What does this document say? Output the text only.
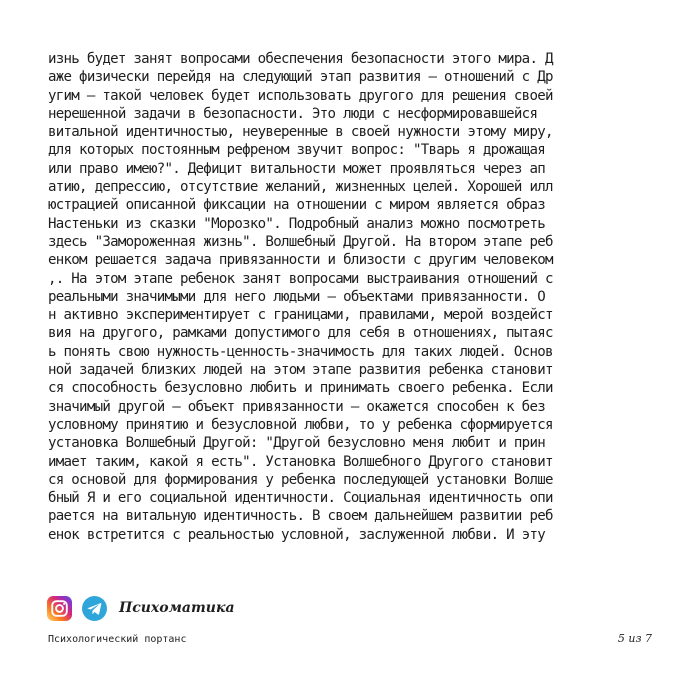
изнь будет занят вопросами обеспечения безопасности этого мира. Д
аже физически перейдя на следующий этап развития – отношений с Др
угим – такой человек будет использовать другого для решения своей
нерешенной задачи в безопасности. Это люди с несформировавшейся
витальной идентичностью, неуверенные в своей нужности этому миру,
для которых постоянным рефреном звучит вопрос: "Тварь я дрожащая
или право имею?". Дефицит витальности может проявляться через ап
атию, депрессию, отсутствие желаний, жизненных целей. Хорошей илл
юстрацией описанной фиксации на отношении с миром является образ
Настеньки из сказки "Морозко". Подробный анализ можно посмотреть
здесь "Замороженная жизнь". Волшебный Другой. На втором этапе реб
енком решается задача привязанности и близости с другим человеком
,. На этом этапе ребенок занят вопросами выстраивания отношений с
реальными значимыми для него людьми – объектами привязанности. О
н активно экспериментирует с границами, правилами, мерой воздейст
вия на другого, рамками допустимого для себя в отношениях, пытаяс
ь понять свою нужность-ценность-значимость для таких людей. Основ
ной задачей близких людей на этом этапе развития ребенка становит
ся способность безусловно любить и принимать своего ребенка. Если
значимый другой – объект привязанности – окажется способен к без
условному принятию и безусловной любви, то у ребенка сформируется
установка Волшебный Другой: "Другой безусловно меня любит и прин
имает таким, какой я есть". Установка Волшебного Другого становит
ся основой для формирования у ребенка последующей установки Волше
бный Я и его социальной идентичности. Социальная идентичность опи
рается на витальную идентичность. В своем дальнейшем развитии реб
енок встретится с реальностью условной, заслуженной любви. И эту
Психоматика
Психологический портанс	5 из 7
